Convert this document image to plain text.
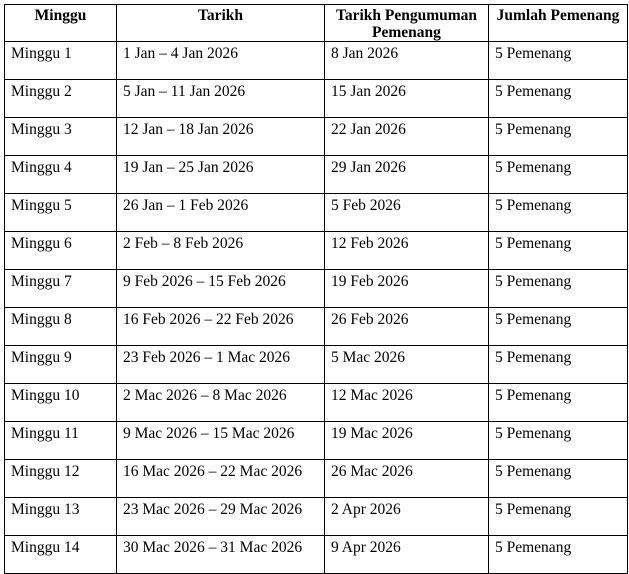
Minggu	Tarikh	Tarikh Pengumuman Pemenang	Jumlah Pemenang
Minggu 1	1 Jan – 4 Jan 2026	8 Jan 2026	5 Pemenang
Minggu 2	5 Jan – 11 Jan 2026	15 Jan 2026	5 Pemenang
Minggu 3	12 Jan – 18 Jan 2026	22 Jan 2026	5 Pemenang
Minggu 4	19 Jan – 25 Jan 2026	29 Jan 2026	5 Pemenang
Minggu 5	26 Jan – 1 Feb 2026	5 Feb 2026	5 Pemenang
Minggu 6	2 Feb – 8 Feb 2026	12 Feb 2026	5 Pemenang
Minggu 7	9 Feb 2026 – 15 Feb 2026	19 Feb 2026	5 Pemenang
Minggu 8	16 Feb 2026 – 22 Feb 2026	26 Feb 2026	5 Pemenang
Minggu 9	23 Feb 2026 – 1 Mac 2026	5 Mac 2026	5 Pemenang
Minggu 10	2 Mac 2026 – 8 Mac 2026	12 Mac 2026	5 Pemenang
Minggu 11	9 Mac 2026 – 15 Mac 2026	19 Mac 2026	5 Pemenang
Minggu 12	16 Mac 2026 – 22 Mac 2026	26 Mac 2026	5 Pemenang
Minggu 13	23 Mac 2026 – 29 Mac 2026	2 Apr 2026	5 Pemenang
Minggu 14	30 Mac 2026 – 31 Mac 2026	9 Apr 2026	5 Pemenang
